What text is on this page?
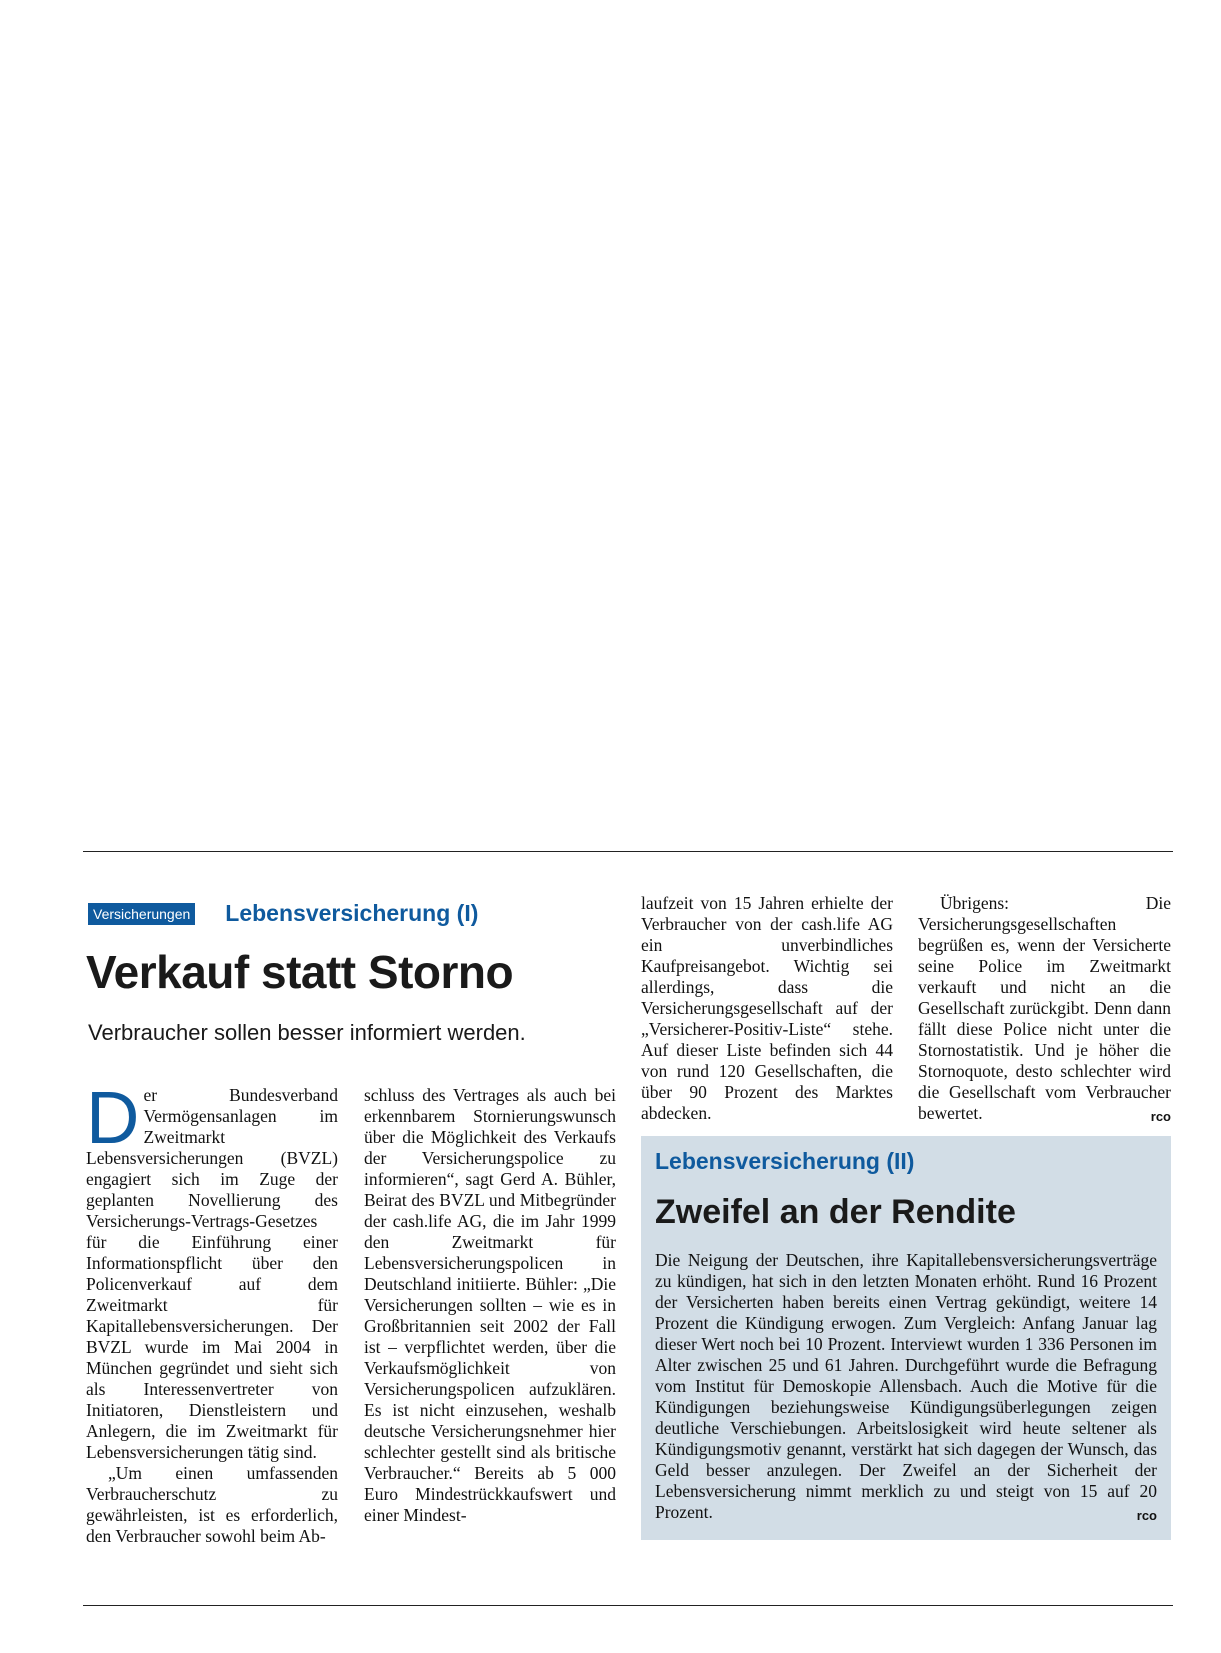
Versicherungen Lebensversicherung (I)
Verkauf statt Storno

Verbraucher sollen besser informiert werden.

D er Bundesverband Vermögensanlagen im Zweitmarkt Lebensversicherungen (BVZL) engagiert sich im Zuge der geplanten Novellierung des Versicherungs-Vertrags-Gesetzes für die Einführung einer Informationspflicht über den Policenverkauf auf dem Zweitmarkt für Kapitallebensversicherungen. Der BVZL wurde im Mai 2004 in München gegründet und sieht sich als Interessenvertreter von Initiatoren, Dienstleistern und Anlegern, die im Zweitmarkt für Lebensversicherungen tätig sind.

„Um einen umfassenden Verbraucherschutz zu gewährleisten, ist es erforderlich, den Verbraucher sowohl beim Ab-

schluss des Vertrages als auch bei erkennbarem Stornierungswunsch über die Möglichkeit des Verkaufs der Versicherungspolice zu informieren“, sagt Gerd A. Bühler, Beirat des BVZL und Mitbegründer der cash.life AG, die im Jahr 1999 den Zweitmarkt für Lebensversicherungspolicen in Deutschland initiierte. Bühler: „Die Versicherungen sollten – wie es in Großbritannien seit 2002 der Fall ist – verpflichtet werden, über die Verkaufsmöglichkeit von Versicherungspolicen aufzuklären. Es ist nicht einzusehen, weshalb deutsche Versicherungsnehmer hier schlechter gestellt sind als britische Verbraucher.“ Bereits ab 5 000 Euro Mindestrückkaufswert und einer Mindest-

laufzeit von 15 Jahren erhielte der Verbraucher von der cash.life AG ein unverbindliches Kaufpreisangebot. Wichtig sei allerdings, dass die Versicherungsgesellschaft auf der „Versicherer-Positiv-Liste“ stehe. Auf dieser Liste befinden sich 44 von rund 120 Gesellschaften, die über 90 Prozent des Marktes abdecken.

Übrigens: Die Versicherungsgesellschaften begrüßen es, wenn der Versicherte seine Police im Zweitmarkt verkauft und nicht an die Gesellschaft zurückgibt. Denn dann fällt diese Police nicht unter die Stornostatistik. Und je höher die Stornoquote, desto schlechter wird die Gesellschaft vom Verbraucher bewertet.	rco

Lebensversicherung (II)

Zweifel an der Rendite
Die Neigung der Deutschen, ihre Kapitallebensversicherungsverträge zu kündigen, hat sich in den letzten Monaten erhöht. Rund 16 Prozent der Versicherten haben bereits einen Vertrag gekündigt, weitere 14 Prozent die Kündigung erwogen. Zum Vergleich: Anfang Januar lag dieser Wert noch bei 10 Prozent. Interviewt wurden 1 336 Personen im Alter zwischen 25 und 61 Jahren. Durchgeführt wurde die Befragung vom Institut für Demoskopie Allensbach. Auch die Motive für die Kündigungen beziehungsweise Kündigungsüberlegungen zeigen deutliche Verschiebungen. Arbeitslosigkeit wird heute seltener als Kündigungsmotiv genannt, verstärkt hat sich dagegen der Wunsch, das Geld besser anzulegen. Der Zweifel an der Sicherheit der Lebensversicherung nimmt merklich zu und steigt von 15 auf 20 Prozent.	rco
